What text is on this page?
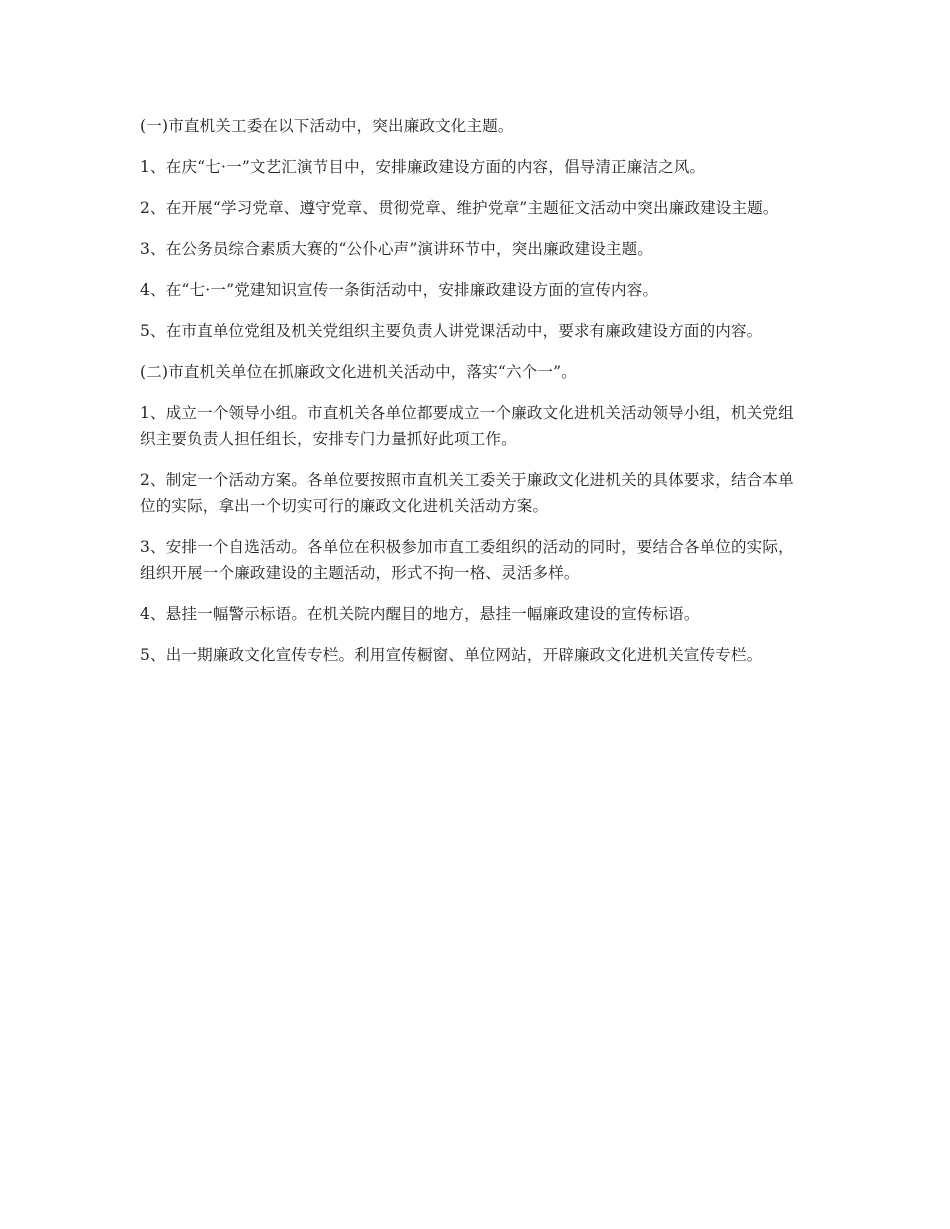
(一)市直机关工委在以下活动中，突出廉政文化主题。

1、在庆“七·一”文艺汇演节目中，安排廉政建设方面的内容，倡导清正廉洁之风。

2、在开展“学习党章、遵守党章、贯彻党章、维护党章”主题征文活动中突出廉政建设主题。

3、在公务员综合素质大赛的“公仆心声”演讲环节中，突出廉政建设主题。

4、在“七·一”党建知识宣传一条街活动中，安排廉政建设方面的宣传内容。

5、在市直单位党组及机关党组织主要负责人讲党课活动中，要求有廉政建设方面的内容。

(二)市直机关单位在抓廉政文化进机关活动中，落实“六个一”。

1、成立一个领导小组。市直机关各单位都要成立一个廉政文化进机关活动领导小组，机关党组织主要负责人担任组长，安排专门力量抓好此项工作。

2、制定一个活动方案。各单位要按照市直机关工委关于廉政文化进机关的具体要求，结合本单位的实际，拿出一个切实可行的廉政文化进机关活动方案。

3、安排一个自选活动。各单位在积极参加市直工委组织的活动的同时，要结合各单位的实际，组织开展一个廉政建设的主题活动，形式不拘一格、灵活多样。

4、悬挂一幅警示标语。在机关院内醒目的地方，悬挂一幅廉政建设的宣传标语。

5、出一期廉政文化宣传专栏。利用宣传橱窗、单位网站，开辟廉政文化进机关宣传专栏。
